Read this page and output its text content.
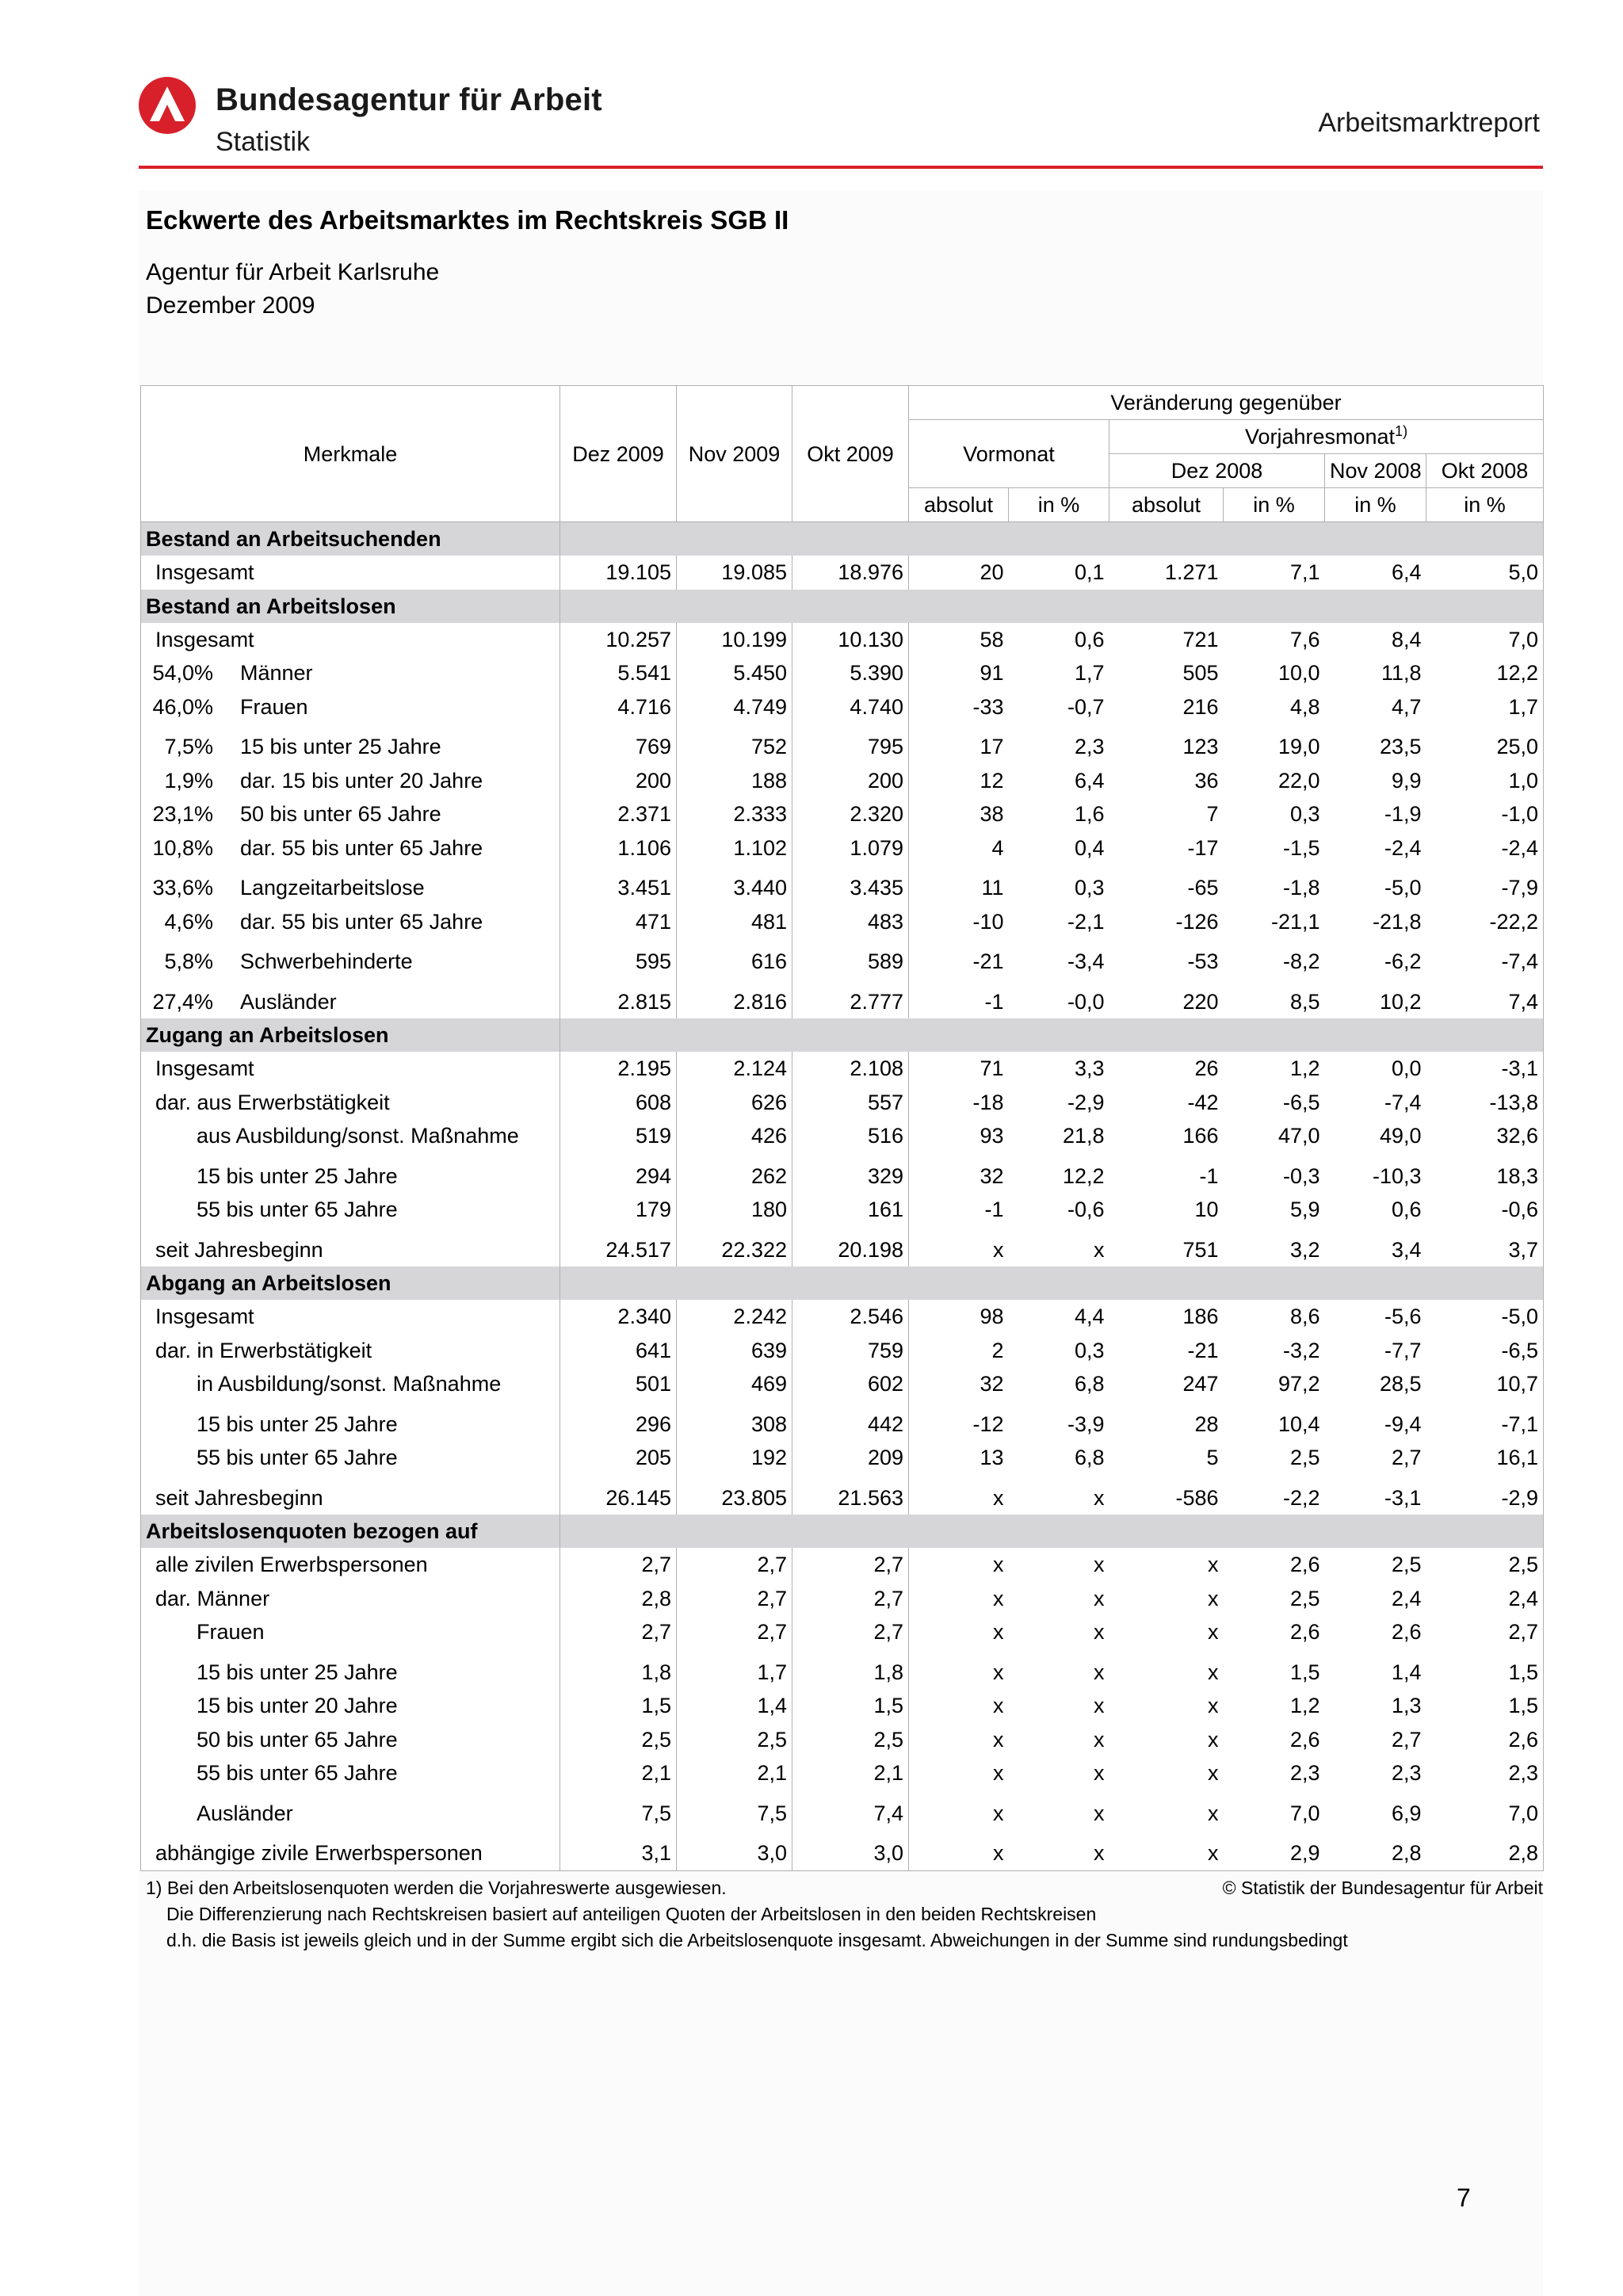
Bundesagentur für Arbeit
Statistik
Arbeitsmarktreport
Eckwerte des Arbeitsmarktes im Rechtskreis SGB II
Agentur für Arbeit Karlsruhe
Dezember 2009
Merkmale	Dez 2009	Nov 2009	Okt 2009	Veränderung gegenüber					
				Vormonat		Vorjahresmonat$^{1)}$
						Dez 2008		Nov 2008	Okt 2008
				absolut	in %	absolut	in %	in %	in %
Bestand an Arbeitsuchenden									

Insgesamt	19.105	19.085	18.976	20	0,1	1.271	7,1	6,4	5,0
Bestand an Arbeitslosen									

Insgesamt	10.257	10.199	10.130	58	0,6	721	7,6	8,4	7,0

54,0% Männer	5.541	5.450	5.390	91	1,7	505	10,0	11,8	12,2

46,0% Frauen	4.716	4.749	4.740	-33	-0,7	216	4,8	4,7	1,7

7,5% 15 bis unter 25 Jahre	769	752	795	17	2,3	123	19,0	23,5	25,0

1,9% dar. 15 bis unter 20 Jahre	200	188	200	12	6,4	36	22,0	9,9	1,0

23,1% 50 bis unter 65 Jahre	2.371	2.333	2.320	38	1,6	7	0,3	-1,9	-1,0

10,8% dar. 55 bis unter 65 Jahre	1.106	1.102	1.079	4	0,4	-17	-1,5	-2,4	-2,4

33,6% Langzeitarbeitslose	3.451	3.440	3.435	11	0,3	-65	-1,8	-5,0	-7,9

4,6% dar. 55 bis unter 65 Jahre	471	481	483	-10	-2,1	-126	-21,1	-21,8	-22,2

5,8% Schwerbehinderte	595	616	589	-21	-3,4	-53	-8,2	-6,2	-7,4

27,4% Ausländer	2.815	2.816	2.777	-1	-0,0	220	8,5	10,2	7,4
Zugang an Arbeitslosen									

Insgesamt	2.195	2.124	2.108	71	3,3	26	1,2	0,0	-3,1

dar. aus Erwerbstätigkeit	608	626	557	-18	-2,9	-42	-6,5	-7,4	-13,8

aus Ausbildung/sonst. Maßnahme	519	426	516	93	21,8	166	47,0	49,0	32,6

15 bis unter 25 Jahre	294	262	329	32	12,2	-1	-0,3	-10,3	18,3

55 bis unter 65 Jahre	179	180	161	-1	-0,6	10	5,9	0,6	-0,6

seit Jahresbeginn	24.517	22.322	20.198	x	x	751	3,2	3,4	3,7
Abgang an Arbeitslosen									

Insgesamt	2.340	2.242	2.546	98	4,4	186	8,6	-5,6	-5,0

dar. in Erwerbstätigkeit	641	639	759	2	0,3	-21	-3,2	-7,7	-6,5

in Ausbildung/sonst. Maßnahme	501	469	602	32	6,8	247	97,2	28,5	10,7

15 bis unter 25 Jahre	296	308	442	-12	-3,9	28	10,4	-9,4	-7,1

55 bis unter 65 Jahre	205	192	209	13	6,8	5	2,5	2,7	16,1

seit Jahresbeginn	26.145	23.805	21.563	x	x	-586	-2,2	-3,1	-2,9
Arbeitslosenquoten bezogen auf									

alle zivilen Erwerbspersonen	2,7	2,7	2,7	x	x	x	2,6	2,5	2,5

dar. Männer	2,8	2,7	2,7	x	x	x	2,5	2,4	2,4

Frauen	2,7	2,7	2,7	x	x	x	2,6	2,6	2,7

15 bis unter 25 Jahre	1,8	1,7	1,8	x	x	x	1,5	1,4	1,5

15 bis unter 20 Jahre	1,5	1,4	1,5	x	x	x	1,2	1,3	1,5

50 bis unter 65 Jahre	2,5	2,5	2,5	x	x	x	2,6	2,7	2,6

55 bis unter 65 Jahre	2,1	2,1	2,1	x	x	x	2,3	2,3	2,3

Ausländer	7,5	7,5	7,4	x	x	x	7,0	6,9	7,0

abhängige zivile Erwerbspersonen	3,1	3,0	3,0	x	x	x	2,9	2,8	2,8
1) Bei den Arbeitslosenquoten werden die Vorjahreswerte ausgewiesen.
Die Differenzierung nach Rechtskreisen basiert auf anteiligen Quoten der Arbeitslosen in den beiden Rechtskreisen
d.h. die Basis ist jeweils gleich und in der Summe ergibt sich die Arbeitslosenquote insgesamt. Abweichungen in der Summe sind rundungsbedingt
© Statistik der Bundesagentur für Arbeit
7
